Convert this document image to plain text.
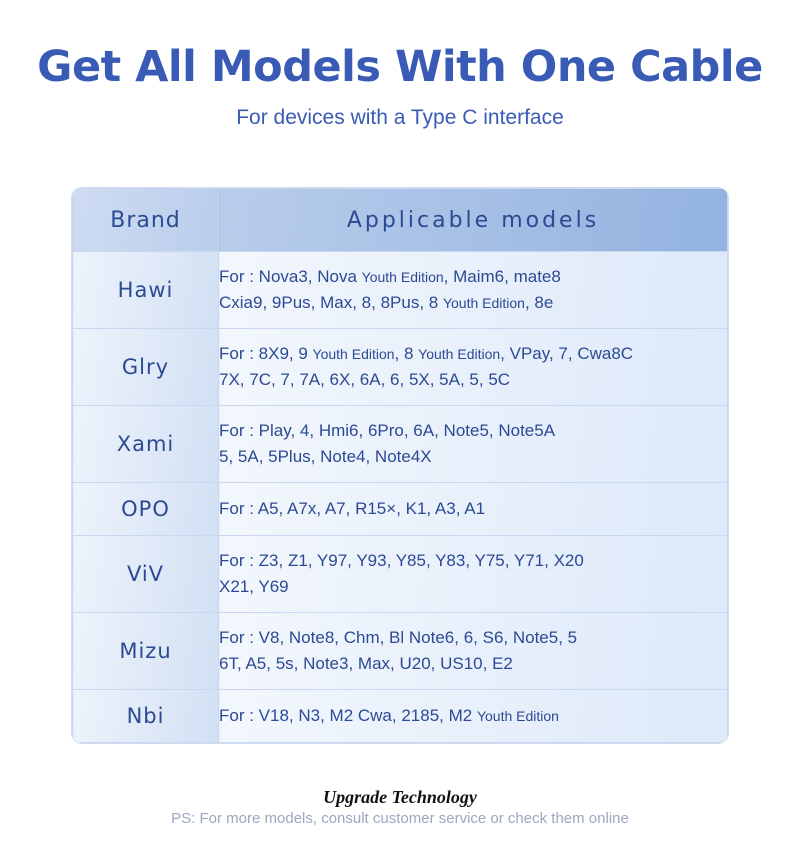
Get All Models With One Cable
For devices with a Type C interface
Brand	Applicable models
Hawi	For : Nova3, Nova Youth Edition, Maim6, mate8
Cxia9, 9Pus, Max, 8, 8Pus, 8 Youth Edition, 8e

Glry	For : 8X9, 9 Youth Edition, 8 Youth Edition, VPay, 7, Cwa8C
7X, 7C, 7, 7A, 6X, 6A, 6, 5X, 5A, 5, 5C

Xami	For : Play, 4, Hmi6, 6Pro, 6A, Note5, Note5A
5, 5A, 5Plus, Note4, Note4X

OPO	For : A5, A7x, A7, R15×, K1, A3, A1

ViV	For : Z3, Z1, Y97, Y93, Y85, Y83, Y75, Y71, X20
X21, Y69

Mizu	For : V8, Note8, Chm, Bl Note6, 6, S6, Note5, 5
6T, A5, 5s, Note3, Max, U20, US10, E2

Nbi	For : V18, N3, M2 Cwa, 2185, M2 Youth Edition
Upgrade Technology
PS: For more models, consult customer service or check them online
